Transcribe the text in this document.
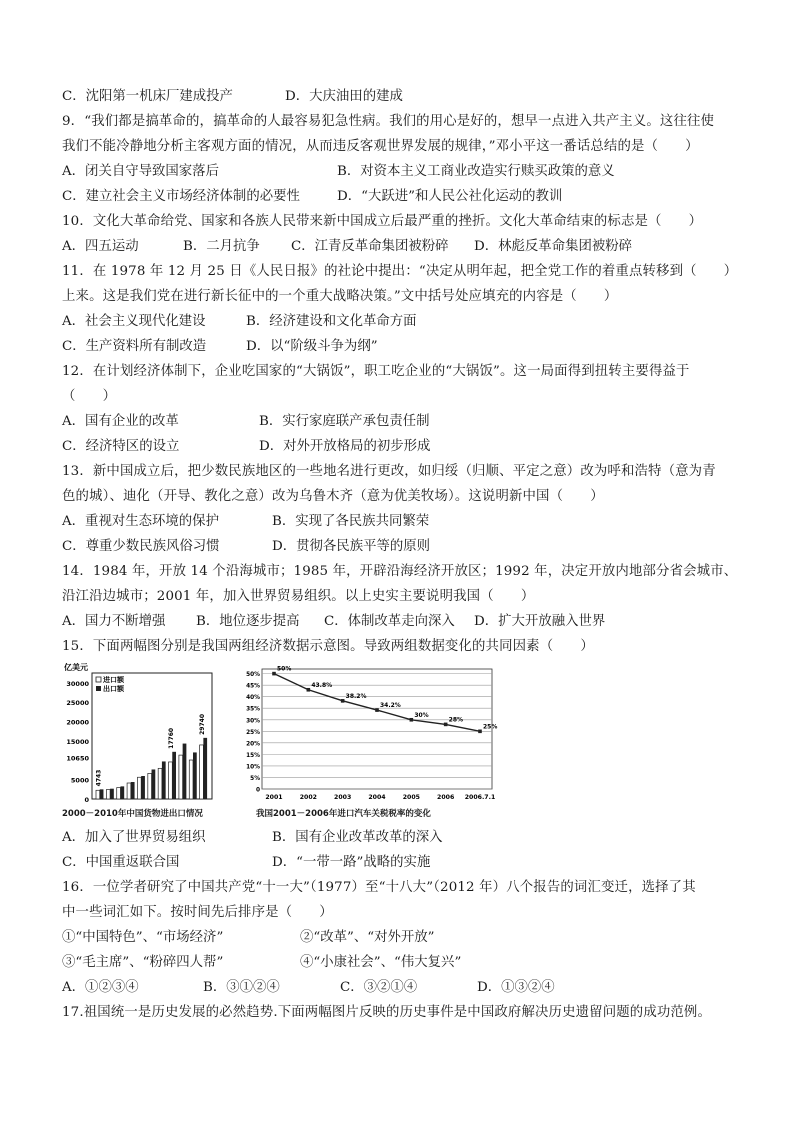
C．沈阳第一机床厂建成投产	D．大庆油田的建成
9．“我们都是搞革命的，搞革命的人最容易犯急性病。我们的用心是好的，想早一点进入共产主义。这往往使
我们不能冷静地分析主客观方面的情况，从而违反客观世界发展的规律，”邓小平这一番话总结的是（　　）
A．闭关自守导致国家落后	B．对资本主义工商业改造实行赎买政策的意义
C．建立社会主义市场经济体制的必要性	D．“大跃进”和人民公社化运动的教训
10．文化大革命给党、国家和各族人民带来新中国成立后最严重的挫折。文化大革命结束的标志是（　　）
A．四五运动	B．二月抗争	C．江青反革命集团被粉碎	D．林彪反革命集团被粉碎
11．在 1978 年 12 月 25 日《人民日报》的社论中提出：“决定从明年起，把全党工作的着重点转移到（　　）
上来。这是我们党在进行新长征中的一个重大战略决策。”文中括号处应填充的内容是（　　）
A．社会主义现代化建设	B．经济建设和文化革命方面
C．生产资料所有制改造	D．以“阶级斗争为纲”
12．在计划经济体制下，企业吃国家的“大锅饭”，职工吃企业的“大锅饭”。这一局面得到扭转主要得益于
（　　）
A．国有企业的改革	B．实行家庭联产承包责任制
C．经济特区的设立	D．对外开放格局的初步形成
13．新中国成立后，把少数民族地区的一些地名进行更改，如归绥（归顺、平定之意）改为呼和浩特（意为青
色的城）、迪化（开导、教化之意）改为乌鲁木齐（意为优美牧场）。这说明新中国（　　）
A．重视对生态环境的保护	B．实现了各民族共同繁荣
C．尊重少数民族风俗习惯	D．贯彻各民族平等的原则
14．1984 年，开放 14 个沿海城市；1985 年，开辟沿海经济开放区；1992 年，决定开放内地部分省会城市、
沿江沿边城市；2001 年，加入世界贸易组织。以上史实主要说明我国（　　）
A．国力不断增强	B．地位逐步提高	C．体制改革走向深入	D．扩大开放融入世界
15．下面两幅图分别是我国两组经济数据示意图。导致两组数据变化的共同因素（　　）
亿美元
30000
25000
20000
15000
10650
5000
0
进口额
出口额
4743
17760
29740
2000－2010年中国货物进出口情况
50%
45%
40%
35%
30%
25%
20%
15%
10%
5%
0
2001	2002	2003	2004	2005	2006 2006.7.1
50%
43.8%
38.2%
34.2%
30%
28%
25%
我国2001－2006年进口汽车关税税率的变化
A．加入了世界贸易组织	B．国有企业改革改革的深入
C．中国重返联合国	D．“一带一路”战略的实施
16．一位学者研究了中国共产党“十一大”（1977）至“十八大”（2012 年）八个报告的词汇变迁，选择了其
中一些词汇如下。按时间先后排序是（　　）
①“中国特色”、“市场经济”	②“改革”、“对外开放”
③“毛主席”、“粉碎四人帮”	④“小康社会”、“伟大复兴”
A．①②③④	B．③①②④	C．③②①④	D．①③②④
17.祖国统一是历史发展的必然趋势.下面两幅图片反映的历史事件是中国政府解决历史遗留问题的成功范例。
